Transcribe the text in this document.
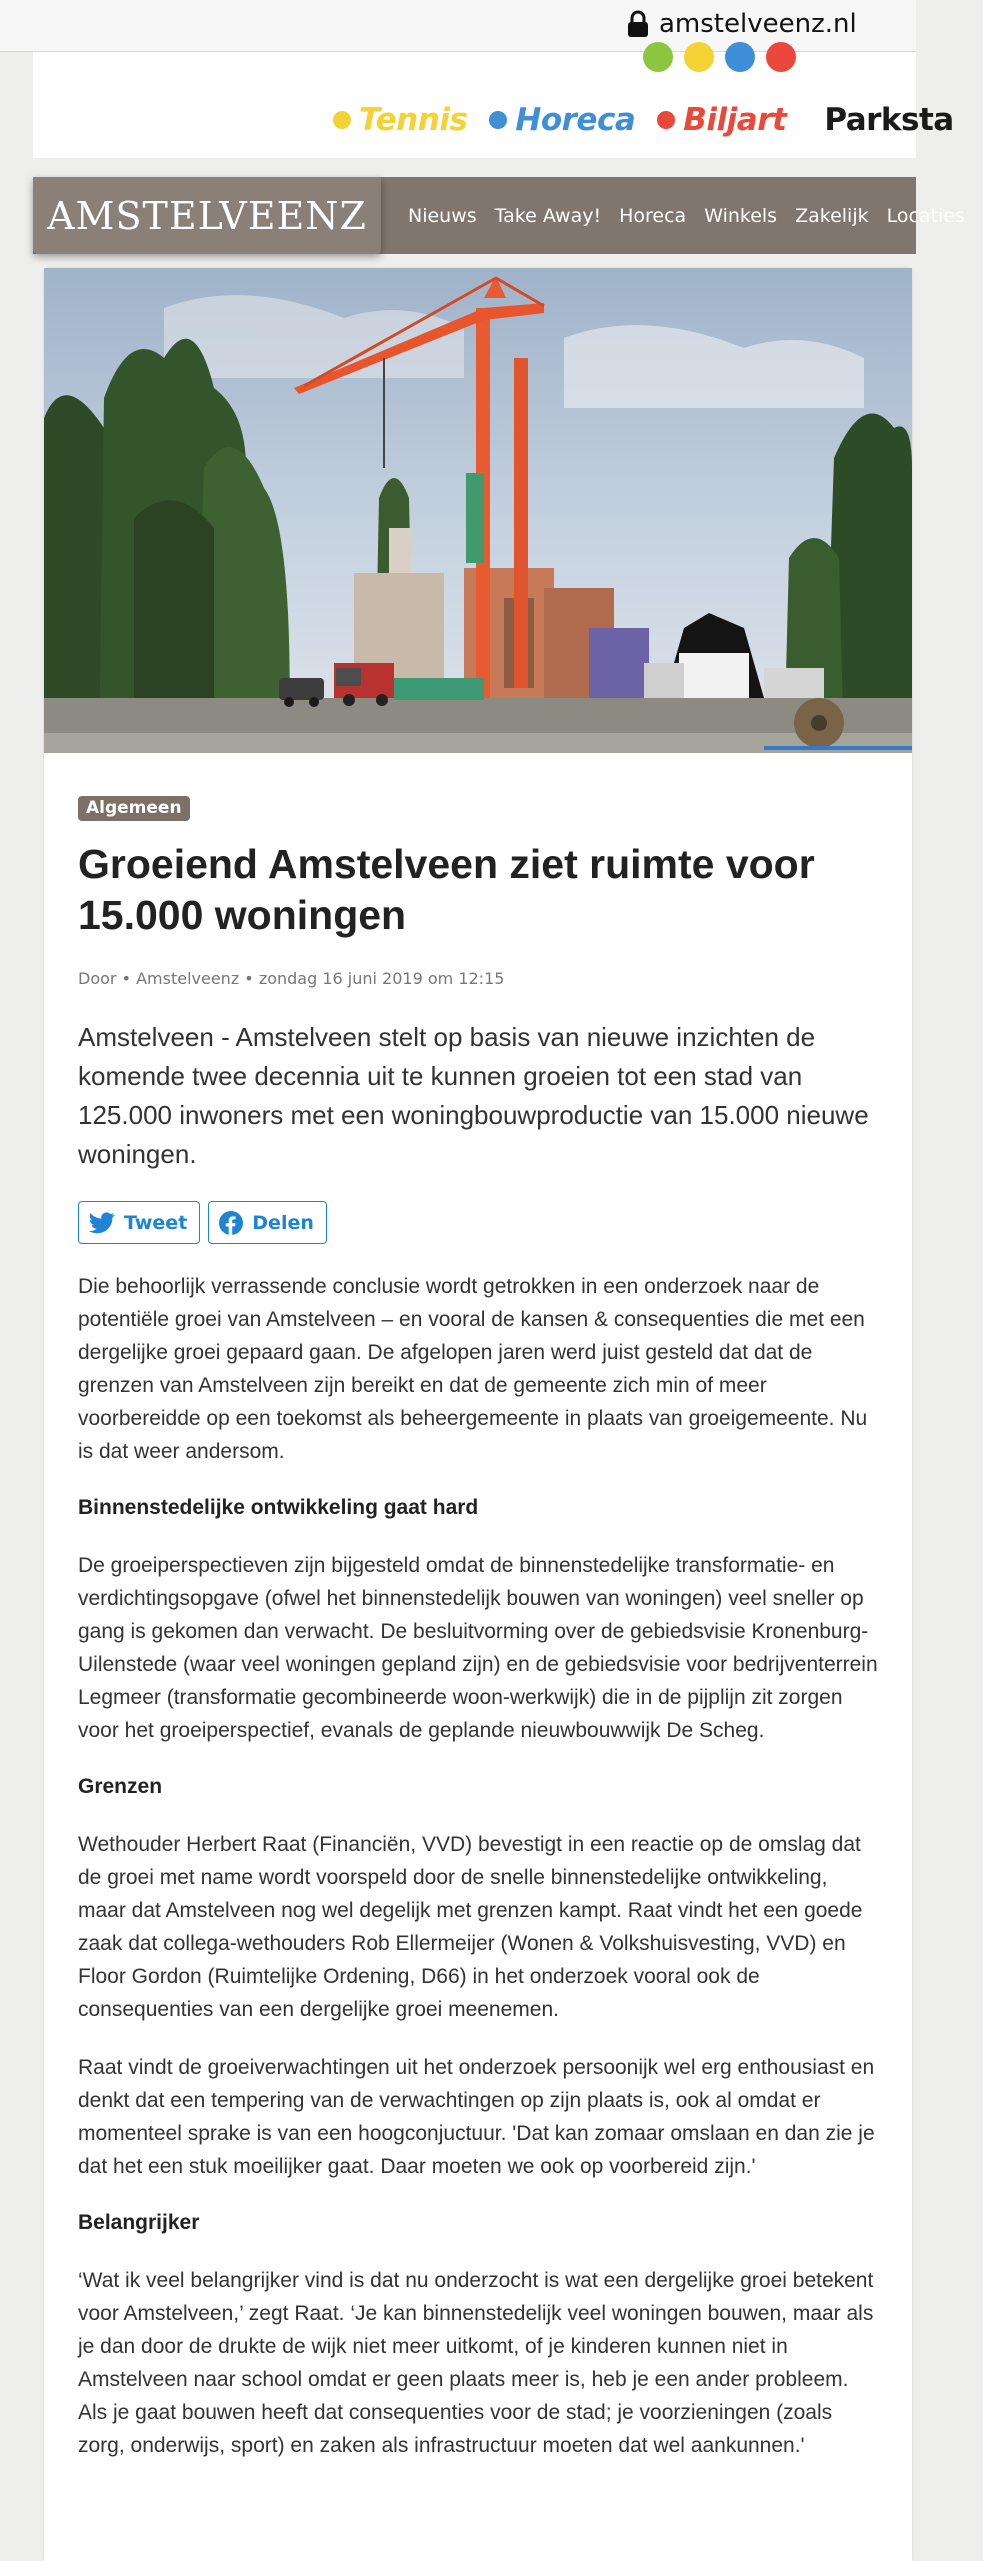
amstelveenz.nl
Tennis Horeca Biljart Parksta
AMSTELVEENZ Nieuws Take Away! Horeca Winkels Zakelijk Locaties
Algemeen
Groeiend Amstelveen ziet ruimte voor 15.000 woningen
Door • Amstelveenz • zondag 16 juni 2019 om 12:15

Amstelveen - Amstelveen stelt op basis van nieuwe inzichten de komende twee decennia uit te kunnen groeien tot een stad van 125.000 inwoners met een woningbouwproductie van 15.000 nieuwe woningen.

Tweet	Delen

Die behoorlijk verrassende conclusie wordt getrokken in een onderzoek naar de potentiële groei van Amstelveen – en vooral de kansen & consequenties die met een dergelijke groei gepaard gaan. De afgelopen jaren werd juist gesteld dat dat de grenzen van Amstelveen zijn bereikt en dat de gemeente zich min of meer voorbereidde op een toekomst als beheergemeente in plaats van groeigemeente. Nu is dat weer andersom.

Binnenstedelijke ontwikkeling gaat hard

De groeiperspectieven zijn bijgesteld omdat de binnenstedelijke transformatie- en verdichtingsopgave (ofwel het binnenstedelijk bouwen van woningen) veel sneller op gang is gekomen dan verwacht. De besluitvorming over de gebiedsvisie Kronenburg-Uilenstede (waar veel woningen gepland zijn) en de gebiedsvisie voor bedrijventerrein Legmeer (transformatie gecombineerde woon-werkwijk) die in de pijplijn zit zorgen voor het groeiperspectief, evanals de geplande nieuwbouwwijk De Scheg.

Grenzen

Wethouder Herbert Raat (Financiën, VVD) bevestigt in een reactie op de omslag dat de groei met name wordt voorspeld door de snelle binnenstedelijke ontwikkeling, maar dat Amstelveen nog wel degelijk met grenzen kampt. Raat vindt het een goede zaak dat collega-wethouders Rob Ellermeijer (Wonen & Volkshuisvesting, VVD) en Floor Gordon (Ruimtelijke Ordening, D66) in het onderzoek vooral ook de consequenties van een dergelijke groei meenemen.

Raat vindt de groeiverwachtingen uit het onderzoek persoonijk wel erg enthousiast en denkt dat een tempering van de verwachtingen op zijn plaats is, ook al omdat er momenteel sprake is van een hoogconjuctuur. 'Dat kan zomaar omslaan en dan zie je dat het een stuk moeilijker gaat. Daar moeten we ook op voorbereid zijn.'

Belangrijker

‘Wat ik veel belangrijker vind is dat nu onderzocht is wat een dergelijke groei betekent voor Amstelveen,’ zegt Raat. ‘Je kan binnenstedelijk veel woningen bouwen, maar als je dan door de drukte de wijk niet meer uitkomt, of je kinderen kunnen niet in Amstelveen naar school omdat er geen plaats meer is, heb je een ander probleem. Als je gaat bouwen heeft dat consequenties voor de stad; je voorzieningen (zoals zorg, onderwijs, sport) en zaken als infrastructuur moeten dat wel aankunnen.'
